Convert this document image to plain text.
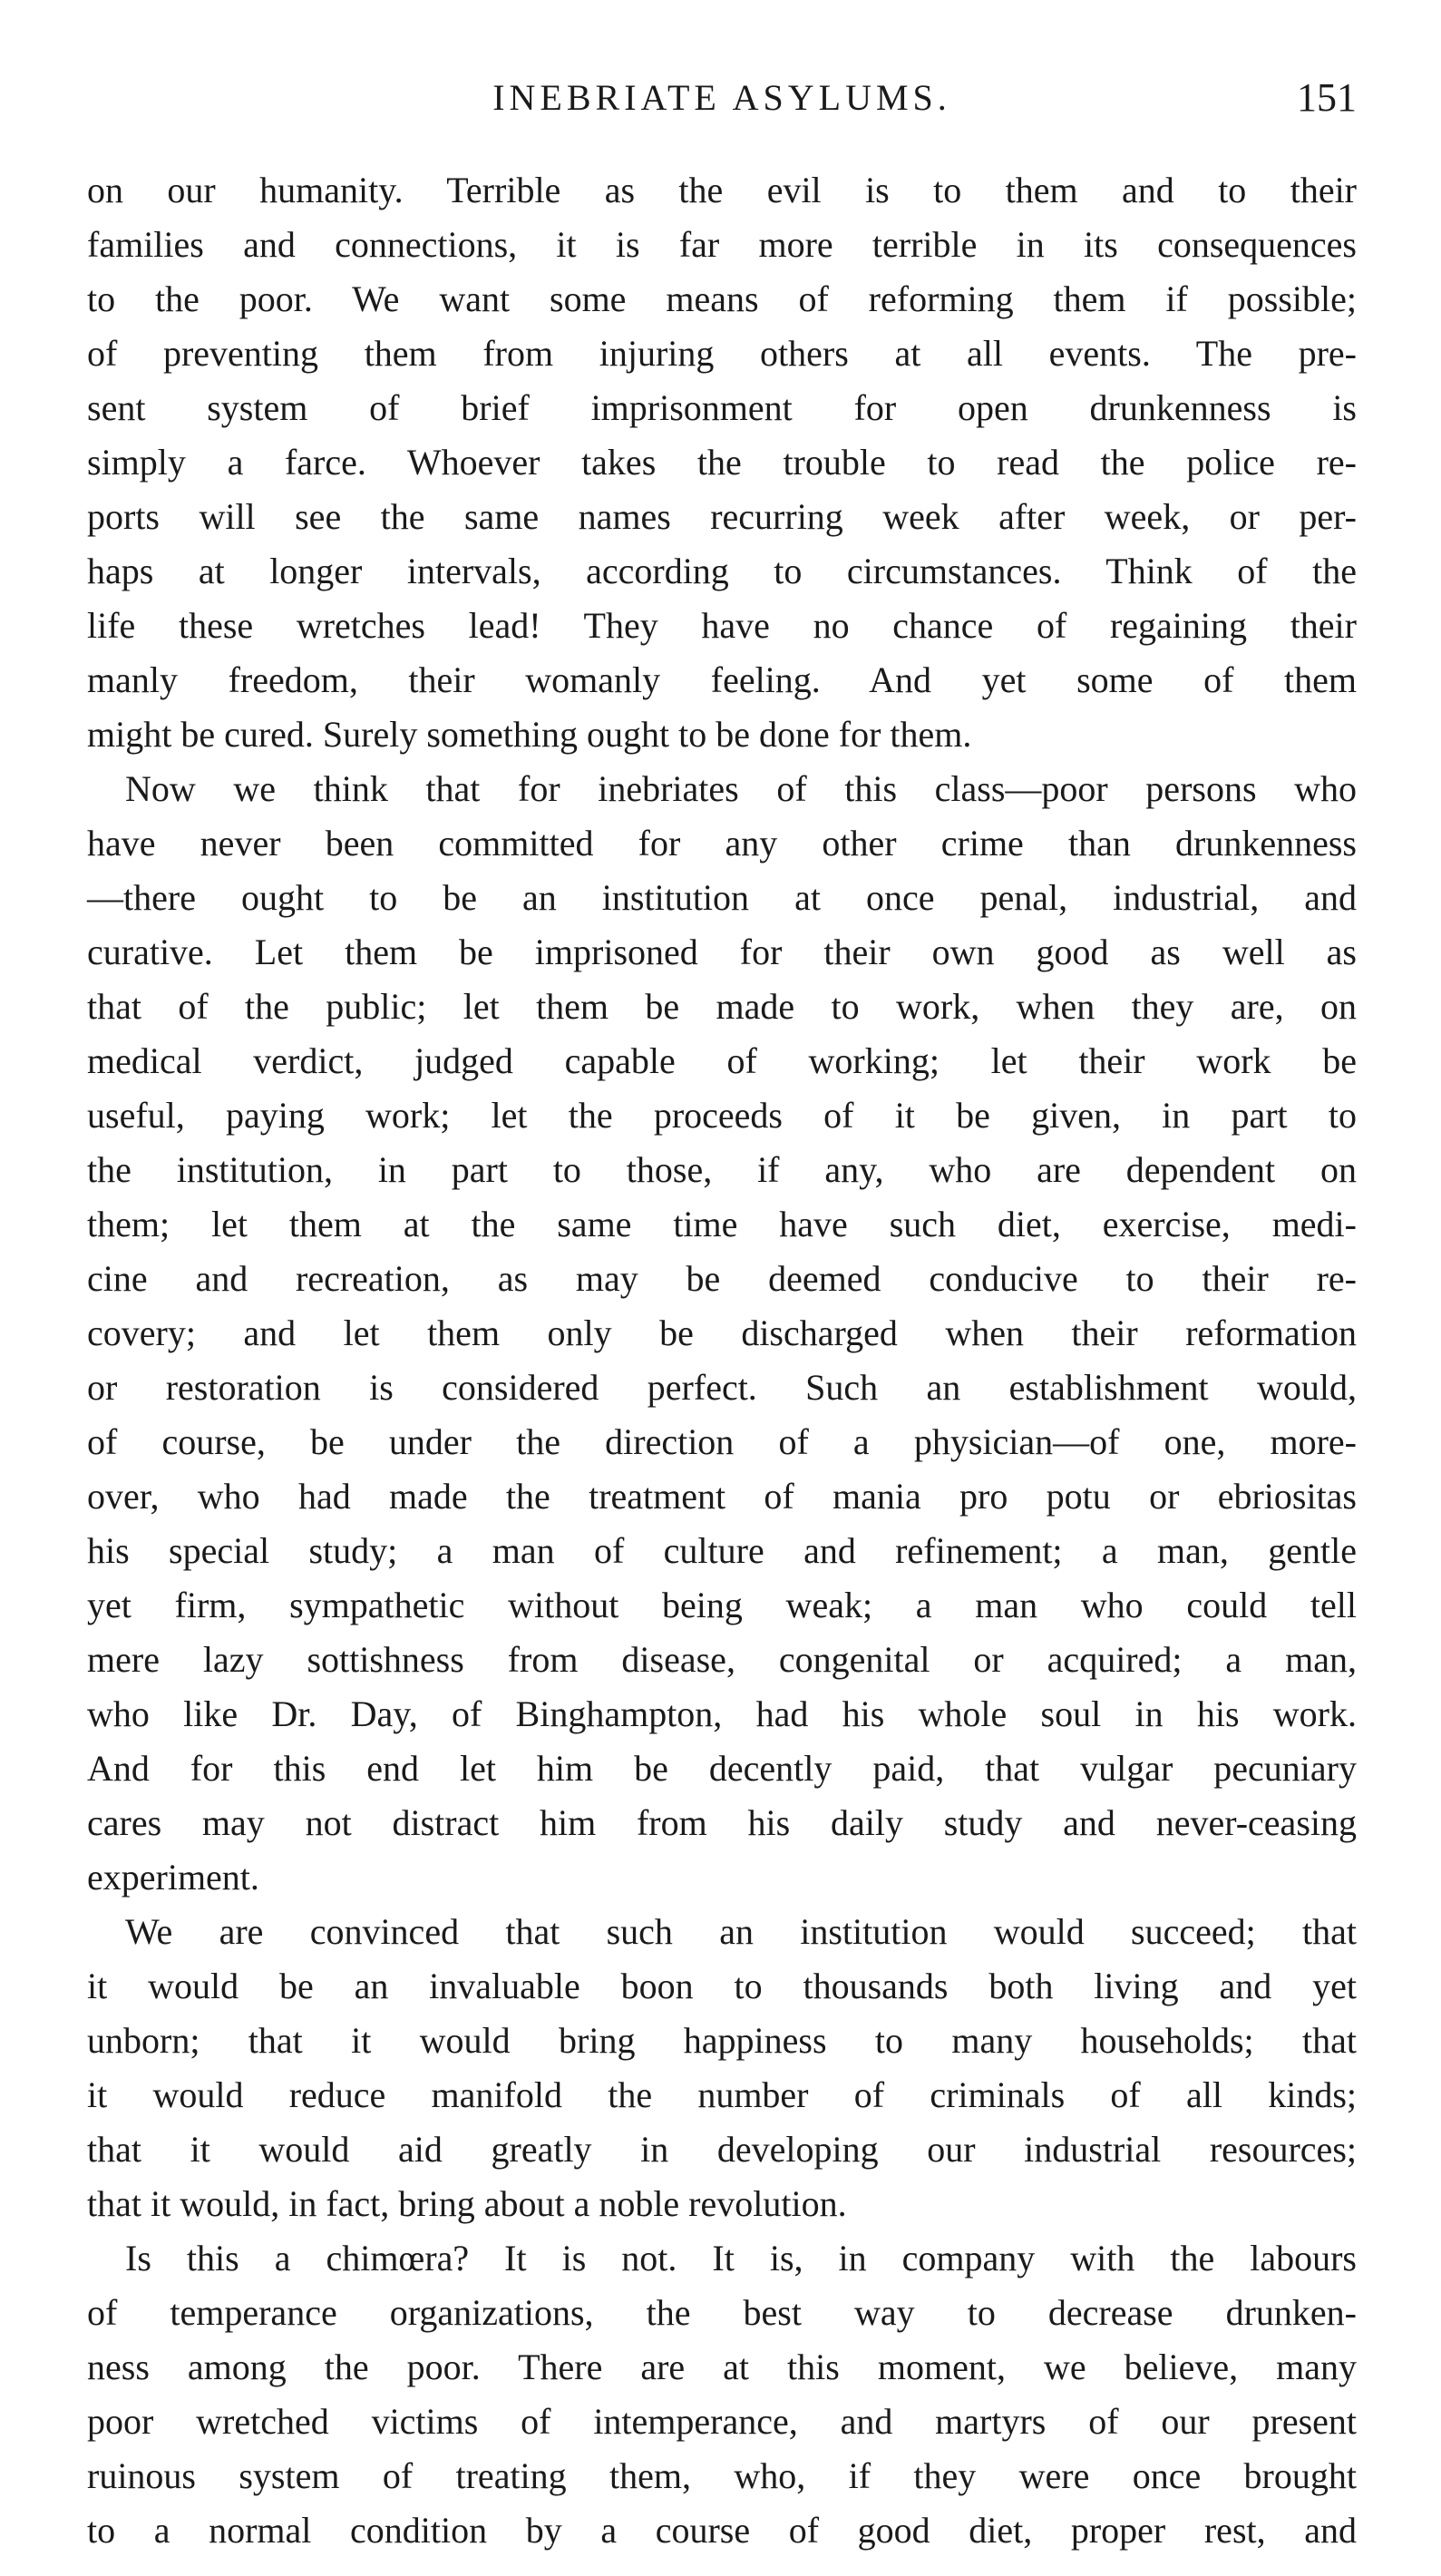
INEBRIATE ASYLUMS.	151
on our humanity. Terrible as the evil is to them and to their
families and connections, it is far more terrible in its consequences
to the poor. We want some means of reforming them if possible;
of preventing them from injuring others at all events. The pre-
sent system of brief imprisonment for open drunkenness is
simply a farce. Whoever takes the trouble to read the police re-
ports will see the same names recurring week after week, or per-
haps at longer intervals, according to circumstances. Think of the
life these wretches lead! They have no chance of regaining their
manly freedom, their womanly feeling. And yet some of them
might be cured. Surely something ought to be done for them.
Now we think that for inebriates of this class—poor persons who
have never been committed for any other crime than drunkenness
—there ought to be an institution at once penal, industrial, and
curative. Let them be imprisoned for their own good as well as
that of the public; let them be made to work, when they are, on
medical verdict, judged capable of working; let their work be
useful, paying work; let the proceeds of it be given, in part to
the institution, in part to those, if any, who are dependent on
them; let them at the same time have such diet, exercise, medi-
cine and recreation, as may be deemed conducive to their re-
covery; and let them only be discharged when their reformation
or restoration is considered perfect. Such an establishment would,
of course, be under the direction of a physician—of one, more-
over, who had made the treatment of mania pro potu or ebriositas
his special study; a man of culture and refinement; a man, gentle
yet firm, sympathetic without being weak; a man who could tell
mere lazy sottishness from disease, congenital or acquired; a man,
who like Dr. Day, of Binghampton, had his whole soul in his work.
And for this end let him be decently paid, that vulgar pecuniary
cares may not distract him from his daily study and never-ceasing
experiment.
We are convinced that such an institution would succeed; that
it would be an invaluable boon to thousands both living and yet
unborn; that it would bring happiness to many households; that
it would reduce manifold the number of criminals of all kinds;
that it would aid greatly in developing our industrial resources;
that it would, in fact, bring about a noble revolution.
Is this a chimœra? It is not. It is, in company with the labours
of temperance organizations, the best way to decrease drunken-
ness among the poor. There are at this moment, we believe, many
poor wretched victims of intemperance, and martyrs of our present
ruinous system of treating them, who, if they were once brought
to a normal condition by a course of good diet, proper rest, and
